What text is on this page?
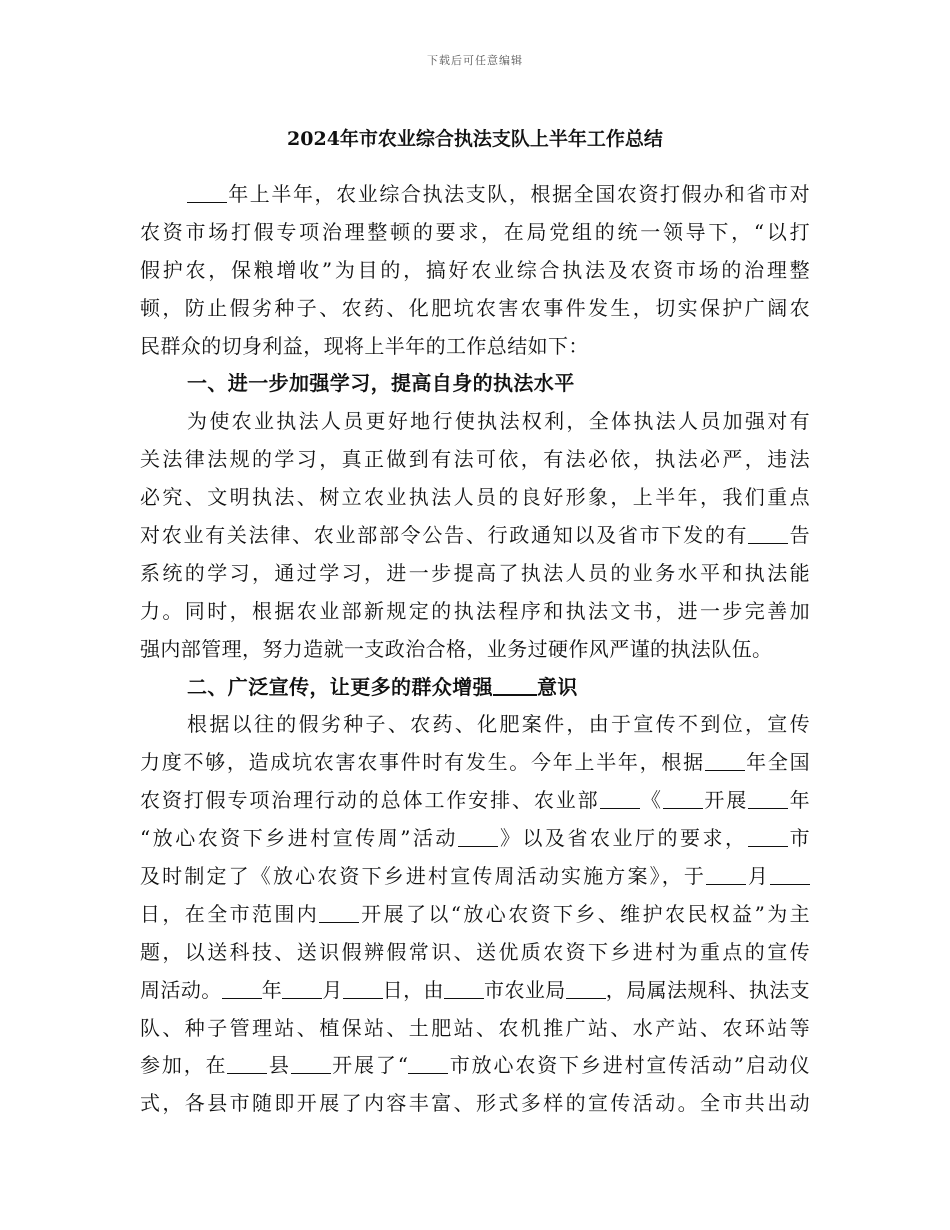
下载后可任意编辑
2024年市农业综合执法支队上半年工作总结
年上半年，农业综合执法支队，根据全国农资打假办和省市对
农资市场打假专项治理整顿的要求，在局党组的统一领导下，“以打
假护农，保粮增收”为目的，搞好农业综合执法及农资市场的治理整
顿，防止假劣种子、农药、化肥坑农害农事件发生，切实保护广阔农
民群众的切身利益，现将上半年的工作总结如下：
一、进一步加强学习，提高自身的执法水平
为使农业执法人员更好地行使执法权利，全体执法人员加强对有
关法律法规的学习，真正做到有法可依，有法必依，执法必严，违法
必究、文明执法、树立农业执法人员的良好形象，上半年，我们重点
对农业有关法律、农业部部令公告、行政通知以及省市下发的有 告
系统的学习，通过学习，进一步提高了执法人员的业务水平和执法能
力。同时，根据农业部新规定的执法程序和执法文书，进一步完善加
强内部管理，努力造就一支政治合格，业务过硬作风严谨的执法队伍。
二、广泛宣传，让更多的群众增强 意识
根据以往的假劣种子、农药、化肥案件，由于宣传不到位，宣传
力度不够，造成坑农害农事件时有发生。今年上半年，根据 年全国
农资打假专项治理行动的总体工作安排、农业部 《 开展 年
“放心农资下乡进村宣传周”活动 》以及省农业厅的要求， 市
及时制定了《放心农资下乡进村宣传周活动实施方案》，于 月
日，在全市范围内 开展了以“放心农资下乡、维护农民权益”为主
题，以送科技、送识假辨假常识、送优质农资下乡进村为重点的宣传
周活动。 年 月 日，由 市农业局 ，局属法规科、执法支
队、种子管理站、植保站、土肥站、农机推广站、水产站、农环站等
参加，在 县 开展了“ 市放心农资下乡进村宣传活动”启动仪
式，各县市随即开展了内容丰富、形式多样的宣传活动。全市共出动
